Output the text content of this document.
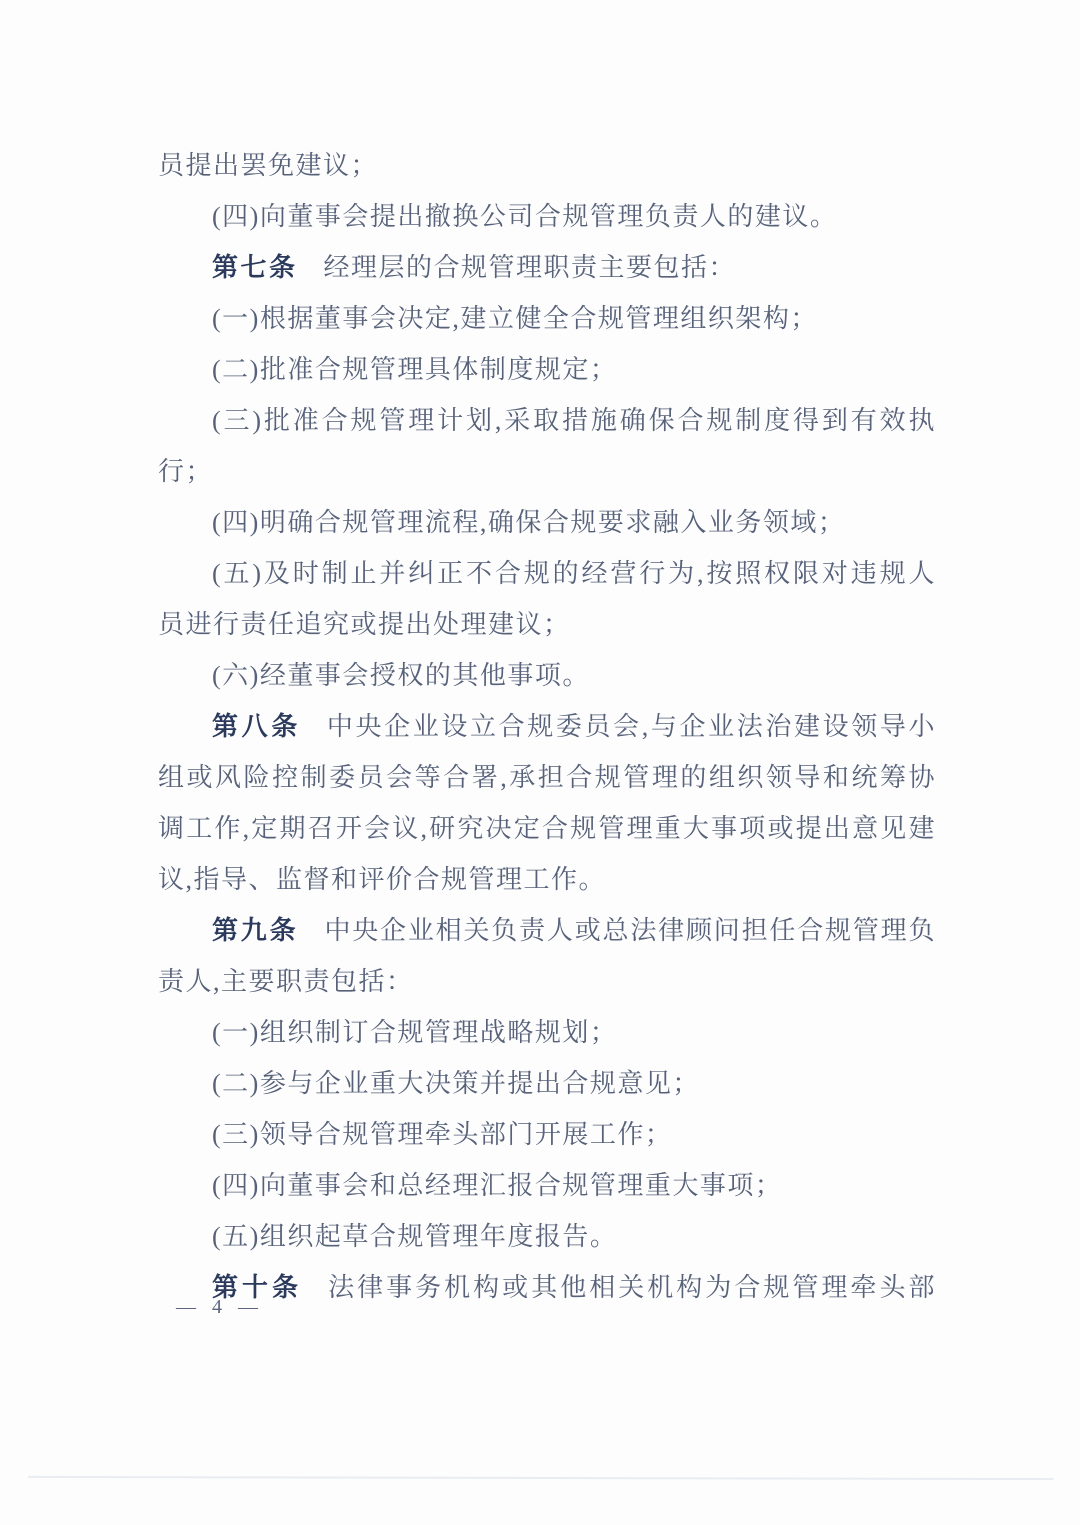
员提出罢免建议；
(四)向董事会提出撤换公司合规管理负责人的建议。
第七条 经理层的合规管理职责主要包括：
(一)根据董事会决定,建立健全合规管理组织架构；
(二)批准合规管理具体制度规定；
(三)批准合规管理计划,采取措施确保合规制度得到有效执
行；
(四)明确合规管理流程,确保合规要求融入业务领域；
(五)及时制止并纠正不合规的经营行为,按照权限对违规人
员进行责任追究或提出处理建议；
(六)经董事会授权的其他事项。
第八条 中央企业设立合规委员会,与企业法治建设领导小
组或风险控制委员会等合署,承担合规管理的组织领导和统筹协
调工作,定期召开会议,研究决定合规管理重大事项或提出意见建
议,指导、监督和评价合规管理工作。
第九条 中央企业相关负责人或总法律顾问担任合规管理负
责人,主要职责包括：
(一)组织制订合规管理战略规划；
(二)参与企业重大决策并提出合规意见；
(三)领导合规管理牵头部门开展工作；
(四)向董事会和总经理汇报合规管理重大事项；
(五)组织起草合规管理年度报告。
第十条 法律事务机构或其他相关机构为合规管理牵头部
— 4 —
